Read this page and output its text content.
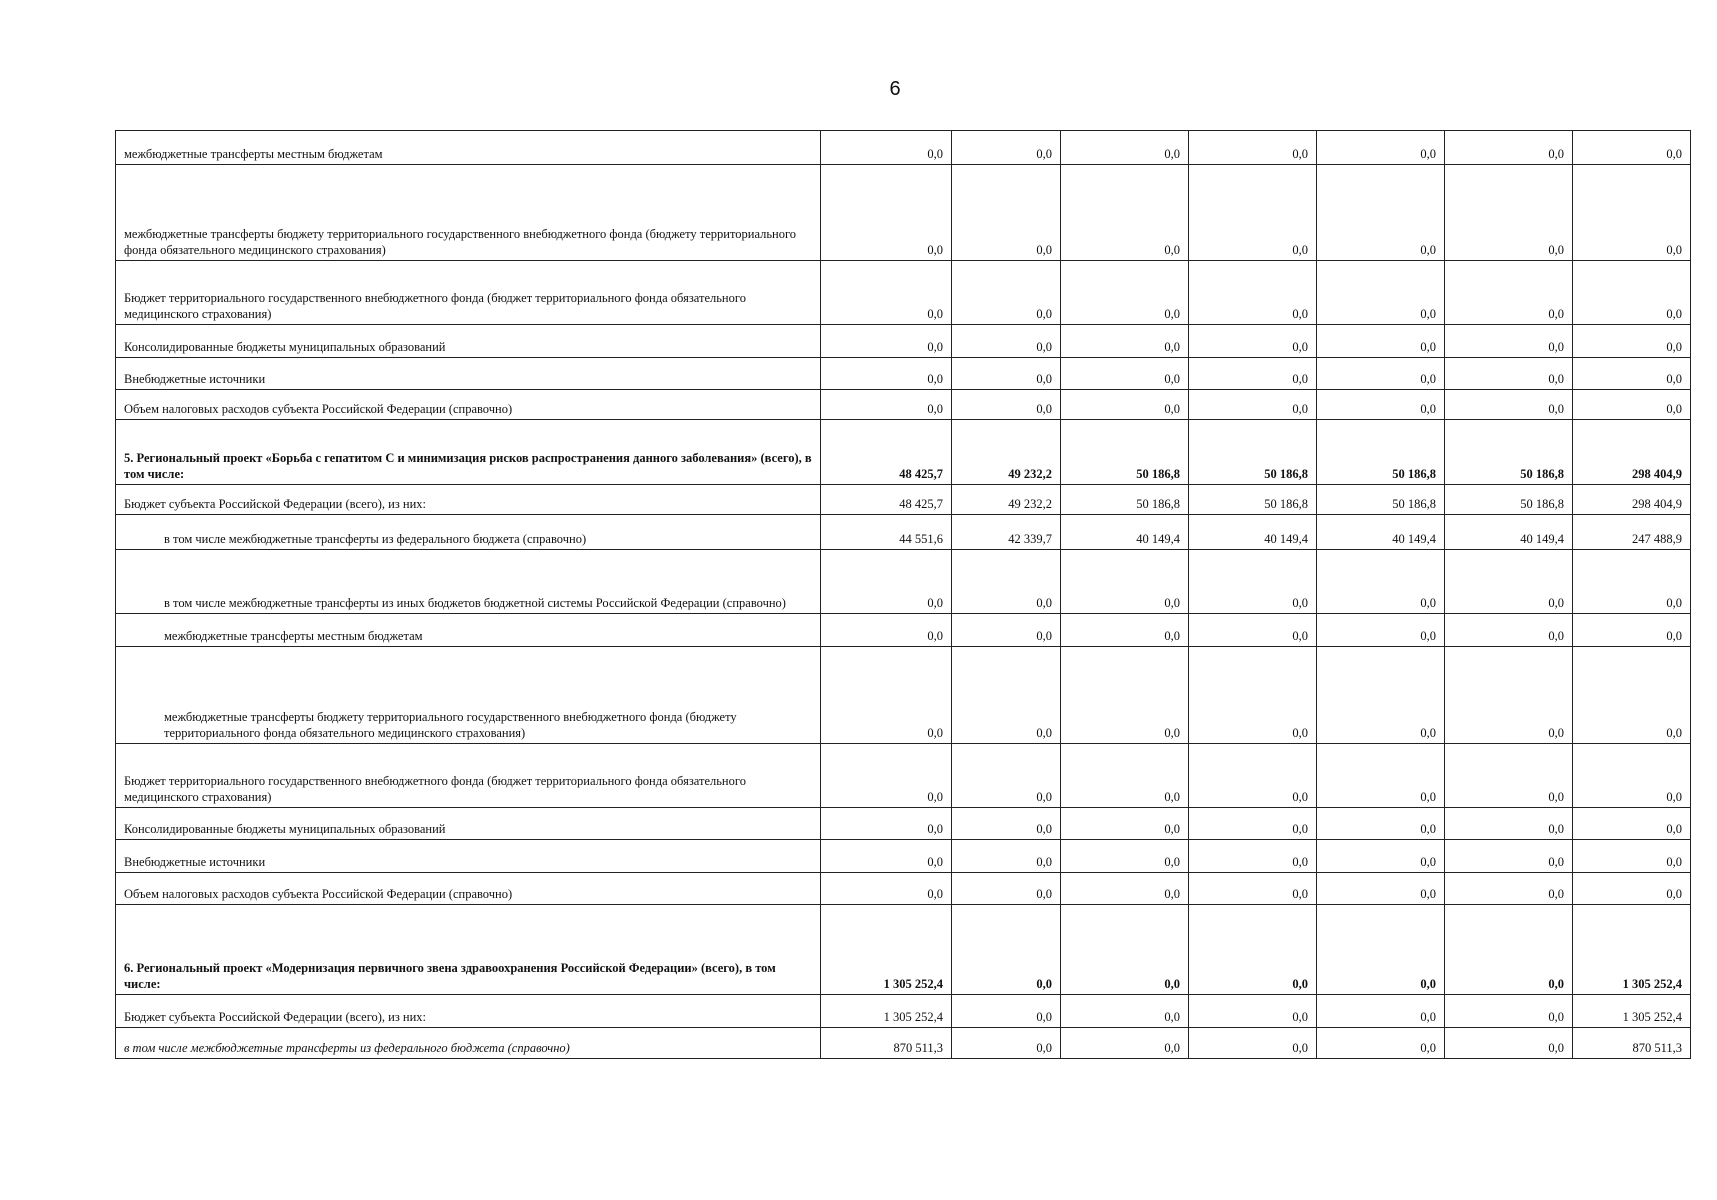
6
межбюджетные трансферты местным бюджетам	0,0	0,0	0,0	0,0	0,0	0,0	0,0
межбюджетные трансферты бюджету территориального государственного внебюджетного фонда (бюджету территориального фонда обязательного медицинского страхования)	0,0	0,0	0,0	0,0	0,0	0,0	0,0
Бюджет территориального государственного внебюджетного фонда (бюджет территориального фонда обязательного медицинского страхования)	0,0	0,0	0,0	0,0	0,0	0,0	0,0
Консолидированные бюджеты муниципальных образований	0,0	0,0	0,0	0,0	0,0	0,0	0,0
Внебюджетные источники	0,0	0,0	0,0	0,0	0,0	0,0	0,0
Объем налоговых расходов субъекта Российской Федерации (справочно)	0,0	0,0	0,0	0,0	0,0	0,0	0,0
5. Региональный проект «Борьба с гепатитом С и минимизация рисков распространения данного заболевания» (всего), в том числе:	48 425,7	49 232,2	50 186,8	50 186,8	50 186,8	50 186,8	298 404,9
Бюджет субъекта Российской Федерации (всего), из них:	48 425,7	49 232,2	50 186,8	50 186,8	50 186,8	50 186,8	298 404,9
в том числе межбюджетные трансферты из федерального бюджета (справочно)	44 551,6	42 339,7	40 149,4	40 149,4	40 149,4	40 149,4	247 488,9
в том числе межбюджетные трансферты из иных бюджетов бюджетной системы Российской Федерации (справочно)	0,0	0,0	0,0	0,0	0,0	0,0	0,0
межбюджетные трансферты местным бюджетам	0,0	0,0	0,0	0,0	0,0	0,0	0,0
межбюджетные трансферты бюджету территориального государственного внебюджетного фонда (бюджету территориального фонда обязательного медицинского страхования)	0,0	0,0	0,0	0,0	0,0	0,0	0,0
Бюджет территориального государственного внебюджетного фонда (бюджет территориального фонда обязательного медицинского страхования)	0,0	0,0	0,0	0,0	0,0	0,0	0,0
Консолидированные бюджеты муниципальных образований	0,0	0,0	0,0	0,0	0,0	0,0	0,0
Внебюджетные источники	0,0	0,0	0,0	0,0	0,0	0,0	0,0
Объем налоговых расходов субъекта Российской Федерации (справочно)	0,0	0,0	0,0	0,0	0,0	0,0	0,0
6. Региональный проект «Модернизация первичного звена здравоохранения Российской Федерации» (всего), в том числе:	1 305 252,4	0,0	0,0	0,0	0,0	0,0	1 305 252,4
Бюджет субъекта Российской Федерации (всего), из них:	1 305 252,4	0,0	0,0	0,0	0,0	0,0	1 305 252,4
в том числе межбюджетные трансферты из федерального бюджета (справочно)	870 511,3	0,0	0,0	0,0	0,0	0,0	870 511,3
